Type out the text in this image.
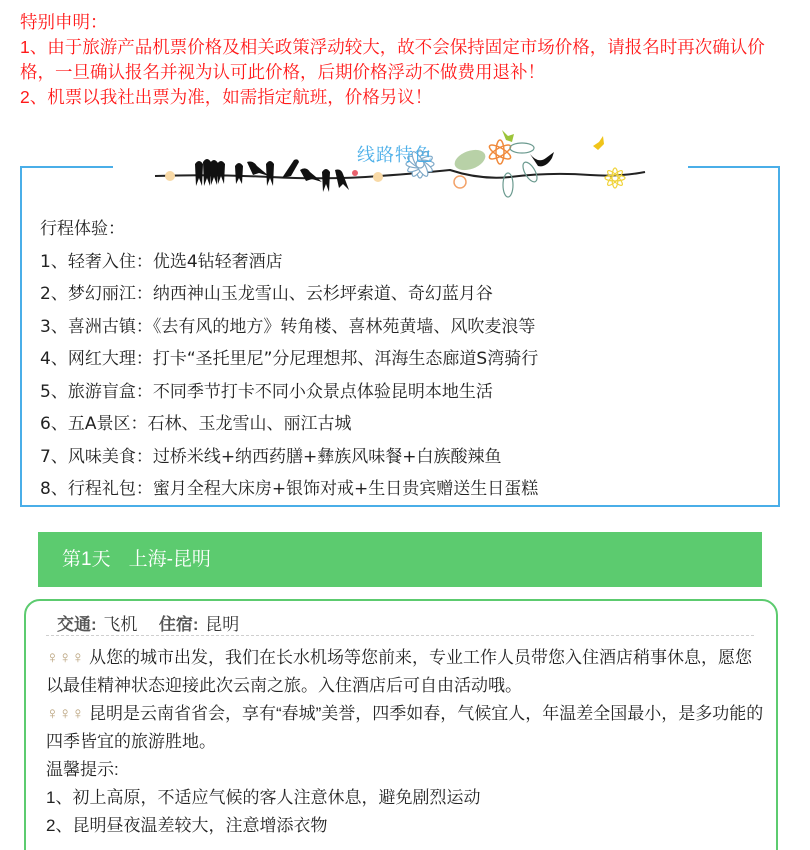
特别申明：

1、由于旅游产品机票价格及相关政策浮动较大，故不会保持固定市场价格，请报名时再次确认价格，一旦确认报名并视为认可此价格，后期价格浮动不做费用退补！

2、机票以我社出票为准，如需指定航班，价格另议！

线路特色
行程体验：
1、轻奢入住：优选4钻轻奢酒店
2、梦幻丽江：纳西神山玉龙雪山、云杉坪索道、奇幻蓝月谷
3、喜洲古镇：《去有风的地方》转角楼、喜林苑黄墙、风吹麦浪等
4、网红大理：打卡“圣托里尼”分尼理想邦、洱海生态廊道S湾骑行
5、旅游盲盒：不同季节打卡不同小众景点体验昆明本地生活
6、五A景区：石林、玉龙雪山、丽江古城
7、风味美食：过桥米线+纳西药膳+彝族风味餐+白族酸辣鱼
8、行程礼包：蜜月全程大床房+银饰对戒+生日贵宾赠送生日蛋糕
第1天 上海-昆明
交通: 飞机 住宿: 昆明

♀♀♀ 从您的城市出发，我们在长水机场等您前来，专业工作人员带您入住酒店稍事休息，愿您以最佳精神状态迎接此次云南之旅。入住酒店后可自由活动哦。

♀♀♀ 昆明是云南省省会，享有“春城”美誉，四季如春，气候宜人，年温差全国最小，是多功能的四季皆宜的旅游胜地。

温馨提示:

1、初上高原，不适应气候的客人注意休息，避免剧烈运动

2、昆明昼夜温差较大，注意增添衣物
